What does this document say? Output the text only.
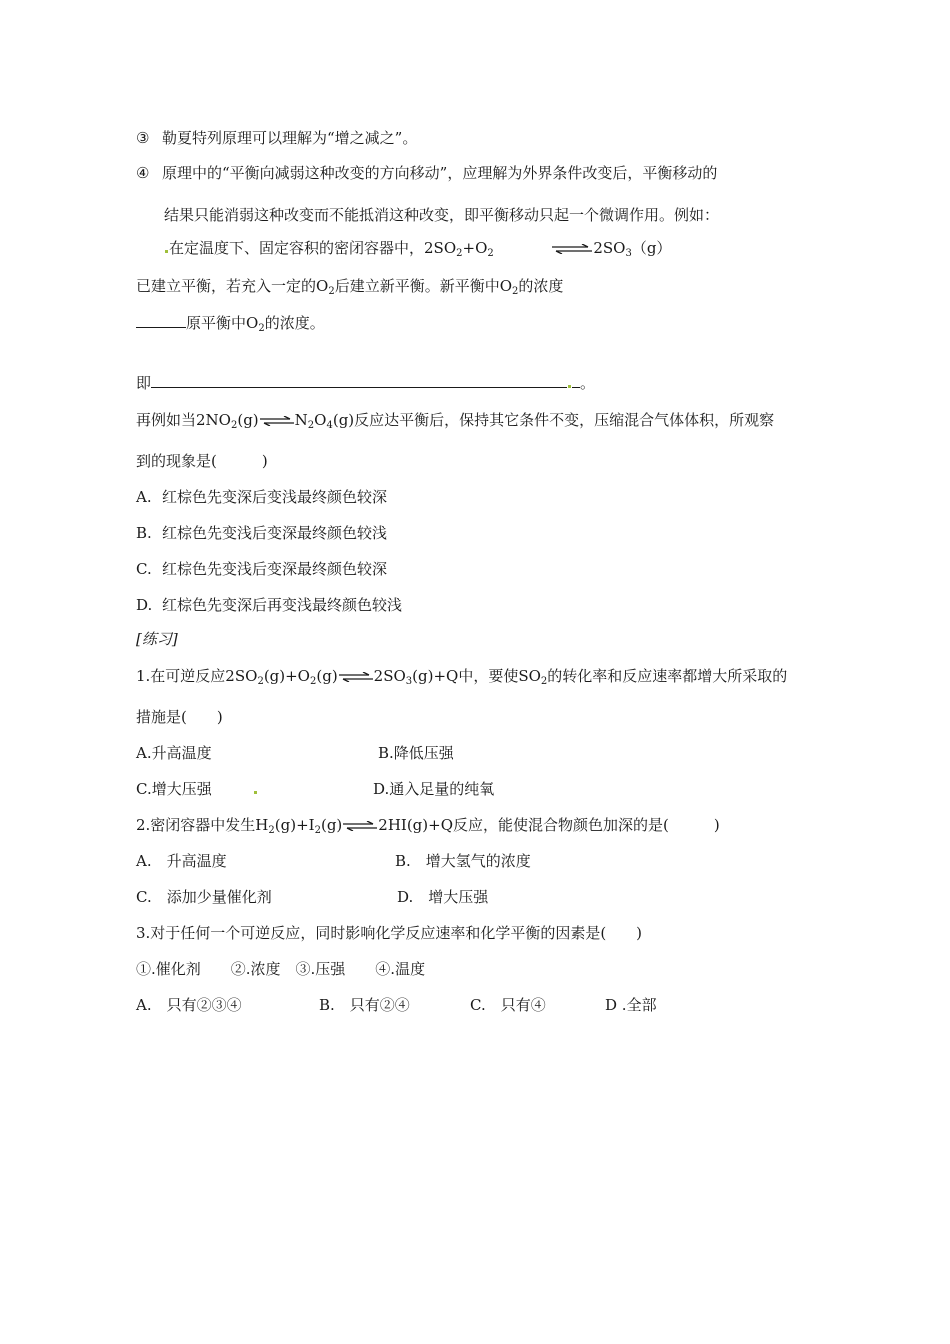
③ 勒夏特列原理可以理解为“增之减之”。
④ 原理中的“平衡向减弱这种改变的方向移动”，应理解为外界条件改变后，平衡移动的
结果只能消弱这种改变而不能抵消这种改变，即平衡移动只起一个微调作用。例如：
在定温度下、固定容积的密闭容器中，$2SO_2+O_2$	$\rightleftharpoons 2SO_3(g)$
已建立平衡，若充入一定的$O_2$后建立新平衡。新平衡中$O_2$的浓度
原平衡中$O_2$的浓度。
即	。
再例如当$2NO_2(g)\rightleftharpoons N_2O_4(g)$反应达平衡后，保持其它条件不变，压缩混合气体体积，所观察
到的现象是(　　　)
A. 红棕色先变深后变浅最终颜色较深
B. 红棕色先变浅后变深最终颜色较浅
C. 红棕色先变浅后变深最终颜色较深
D. 红棕色先变深后再变浅最终颜色较浅
[练习]
1.在可逆反应$2SO_2(g)+O_2(g)\rightleftharpoons 2SO_3(g)+Q$中，要使$SO_2$的转化率和反应速率都增大所采取的
措施是(　　)
A.升高温度	B.降低压强
C.增大压强	D.通入足量的纯氧
2.密闭容器中发生$H_2(g)+I_2(g)\rightleftharpoons 2HI(g)+Q$反应，能使混合物颜色加深的是(　　　)
A.　升高温度	B.　增大氢气的浓度
C.　添加少量催化剂	D.　增大压强
3.对于任何一个可逆反应，同时影响化学反应速率和化学平衡的因素是(　　)
①.催化剂　　②.浓度　③.压强　　④.温度
A.　只有②③④	B.　只有②④	C.　只有④	D .全部
